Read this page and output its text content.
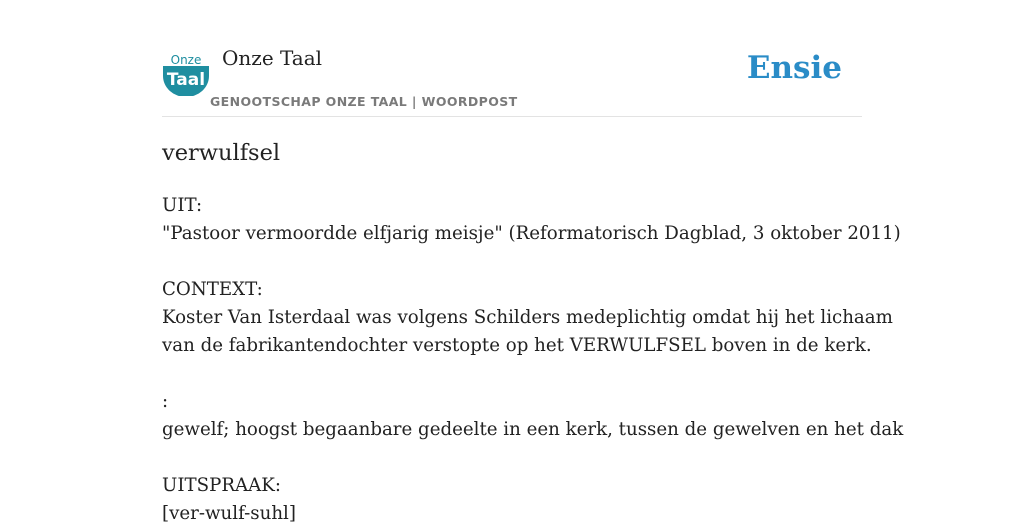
Onze
Taal
Onze Taal
GENOOTSCHAP ONZE TAAL | WOORDPOST
Ensie
verwulfsel
UIT:
"Pastoor vermoordde elfjarig meisje" (Reformatorisch Dagblad, 3 oktober 2011)
CONTEXT:
Koster Van Isterdaal was volgens Schilders medeplichtig omdat hij het lichaam
van de fabrikantendochter verstopte op het VERWULFSEL boven in de kerk.
:
gewelf; hoogst begaanbare gedeelte in een kerk, tussen de gewelven en het dak
UITSPRAAK:
[ver-wulf-suhl]
